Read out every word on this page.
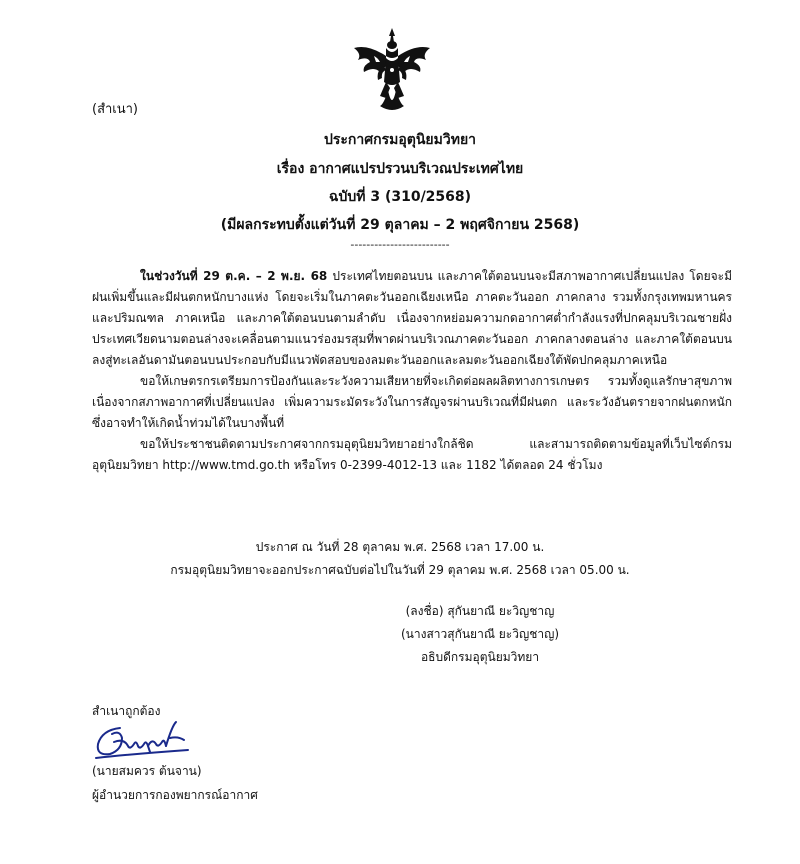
(สำเนา)
ประกาศกรมอุตุนิยมวิทยา
เรื่อง อากาศแปรปรวนบริเวณประเทศไทย
ฉบับที่ 3 (310/2568)
(มีผลกระทบตั้งแต่วันที่ 29 ตุลาคม – 2 พฤศจิกายน 2568)
-------------------------

ในช่วงวันที่ 29 ต.ค. – 2 พ.ย. 68 ประเทศไทยตอนบน และภาคใต้ตอนบนจะมีสภาพอากาศเปลี่ยนแปลง โดยจะมีฝนเพิ่มขึ้นและมีฝนตกหนักบางแห่ง โดยจะเริ่มในภาคตะวันออกเฉียงเหนือ ภาคตะวันออก ภาคกลาง รวมทั้งกรุงเทพมหานครและปริมณฑล ภาคเหนือ และภาคใต้ตอนบนตามลำดับ เนื่องจากหย่อมความกดอากาศต่ำกำลังแรงที่ปกคลุมบริเวณชายฝั่งประเทศเวียดนามตอนล่างจะเคลื่อนตามแนวร่องมรสุมที่พาดผ่านบริเวณภาคตะวันออก ภาคกลางตอนล่าง และภาคใต้ตอนบน ลงสู่ทะเลอันดามันตอนบนประกอบกับมีแนวพัดสอบของลมตะวันออกและลมตะวันออกเฉียงใต้พัดปกคลุมภาคเหนือ

ขอให้เกษตรกรเตรียมการป้องกันและระวังความเสียหายที่จะเกิดต่อผลผลิตทางการเกษตร รวมทั้งดูแลรักษาสุขภาพเนื่องจากสภาพอากาศที่เปลี่ยนแปลง เพิ่มความระมัดระวังในการสัญจรผ่านบริเวณที่มีฝนตก และระวังอันตรายจากฝนตกหนักซึ่งอาจทำให้เกิดน้ำท่วมได้ในบางพื้นที่

ขอให้ประชาชนติดตามประกาศจากกรมอุตุนิยมวิทยาอย่างใกล้ชิด และสามารถติดตามข้อมูลที่เว็บไซต์กรมอุตุนิยมวิทยา http://www.tmd.go.th หรือโทร 0-2399-4012-13 และ 1182 ได้ตลอด 24 ชั่วโมง

ประกาศ ณ วันที่ 28 ตุลาคม พ.ศ. 2568 เวลา 17.00 น.
กรมอุตุนิยมวิทยาจะออกประกาศฉบับต่อไปในวันที่ 29 ตุลาคม พ.ศ. 2568 เวลา 05.00 น.
(ลงชื่อ) สุกันยาณี ยะวิญชาญ
(นางสาวสุกันยาณี ยะวิญชาญ)
อธิบดีกรมอุตุนิยมวิทยา
สำเนาถูกต้อง
(นายสมควร ต้นจาน)
ผู้อำนวยการกองพยากรณ์อากาศ
